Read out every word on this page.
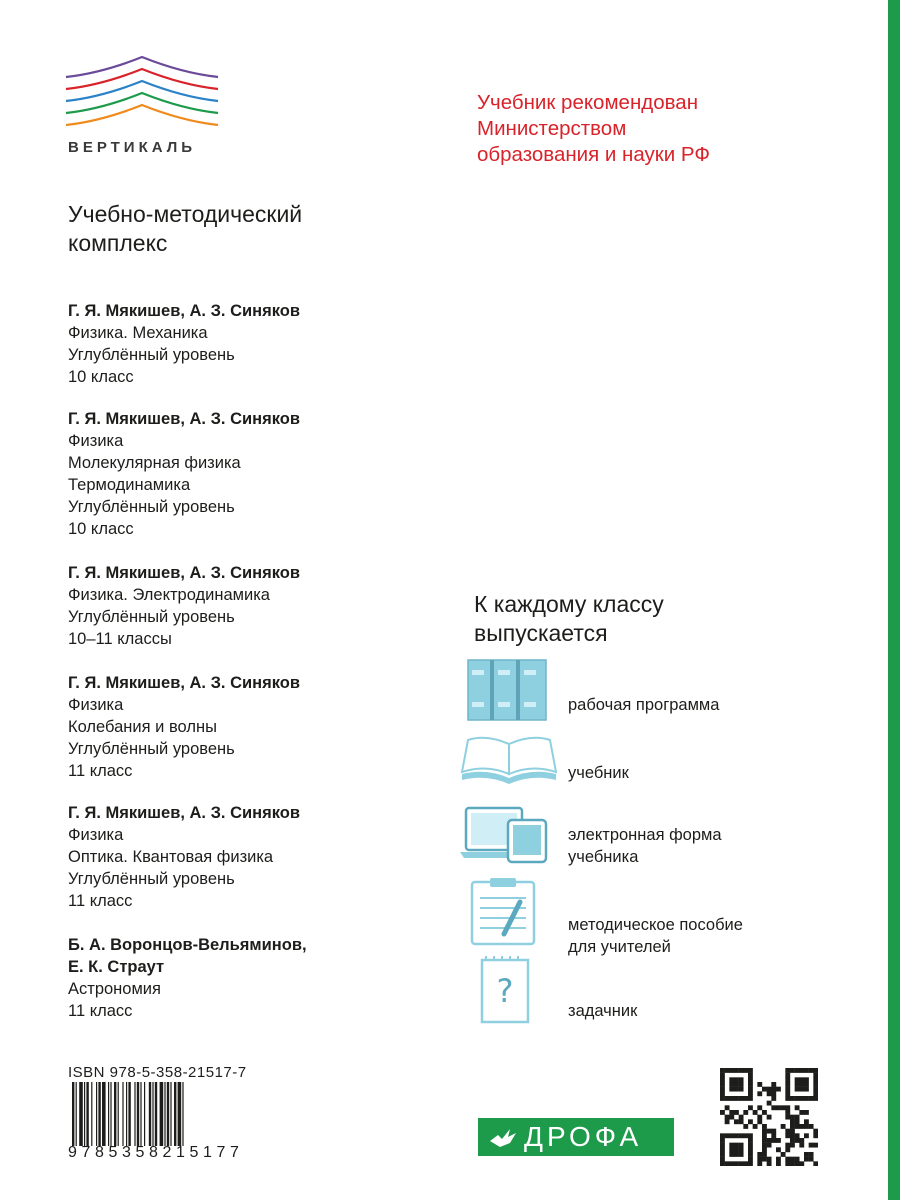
ВЕРТИКАЛЬ
Учебник рекомендован
Министерством
образования и науки РФ
Учебно-методический
комплекс
Г. Я. Мякишев, А. З. Синяков
Физика. Механика
Углублённый уровень
10 класс
Г. Я. Мякишев, А. З. Синяков
Физика
Молекулярная физика
Термодинамика
Углублённый уровень
10 класс
Г. Я. Мякишев, А. З. Синяков
Физика. Электродинамика
Углублённый уровень
10–11 классы
Г. Я. Мякишев, А. З. Синяков
Физика
Колебания и волны
Углублённый уровень
11 класс
Г. Я. Мякишев, А. З. Синяков
Физика
Оптика. Квантовая физика
Углублённый уровень
11 класс
Б. А. Воронцов-Вельяминов,
Е. К. Страут
Астрономия
11 класс
К каждому классу
выпускается
рабочая программа
учебник
электронная форма
учебника
методическое пособие
для учителей
?
задачник
ISBN 978-5-358-21517-7
9785358215177
ДРОФА
